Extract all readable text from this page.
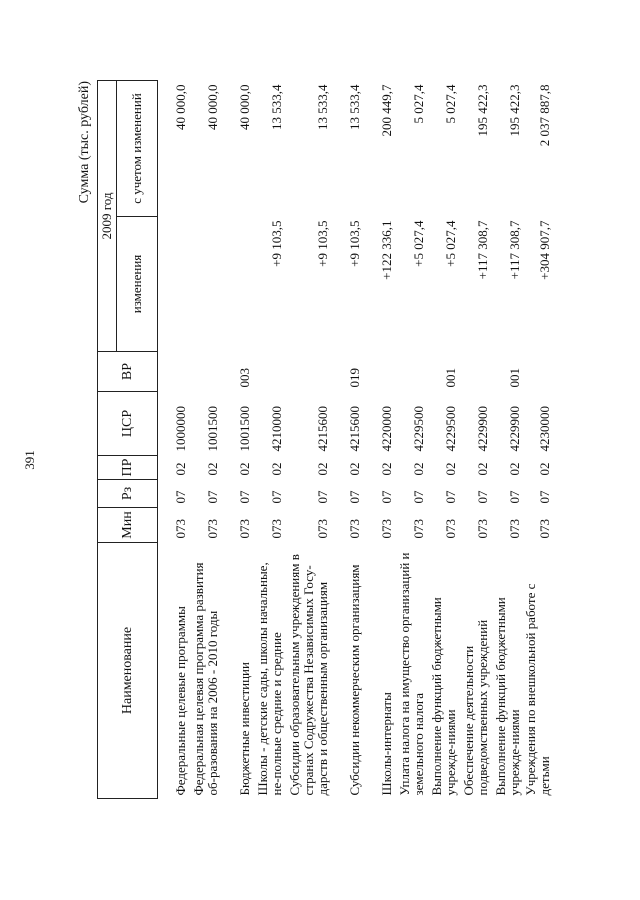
391
Сумма (тыс. рублей)
Наименование	Мин	Рз	ПР	ЦСР	ВР	2009 год	
						изменения	с учетом изменений
Федеральные целевые программы	073	07	02	1000000			40 000,0
Федеральная целевая программа развития об-разования на 2006 - 2010 годы	073	07	02	1001500			40 000,0
Бюджетные инвестиции	073	07	02	1001500	003		40 000,0
Школы - детские сады, школы начальные, не-полные средние и средние	073	07	02	4210000		+9 103,5	13 533,4
Субсидии образовательным учреждениям в странах Содружества Независимых Госу-дарств и общественным организациям	073	07	02	4215600		+9 103,5	13 533,4
Субсидии некоммерческим организациям	073	07	02	4215600	019	+9 103,5	13 533,4
Школы-интернаты	073	07	02	4220000		+122 336,1	200 449,7
Уплата налога на имущество организаций и земельного налога	073	07	02	4229500		+5 027,4	5 027,4
Выполнение функций бюджетными учрежде-ниями	073	07	02	4229500	001	+5 027,4	5 027,4
Обеспечение деятельности подведомственных учреждений	073	07	02	4229900		+117 308,7	195 422,3
Выполнение функций бюджетными учрежде-ниями	073	07	02	4229900	001	+117 308,7	195 422,3
Учреждения по внешкольной работе с детьми	073	07	02	4230000		+304 907,7	2 037 887,8
